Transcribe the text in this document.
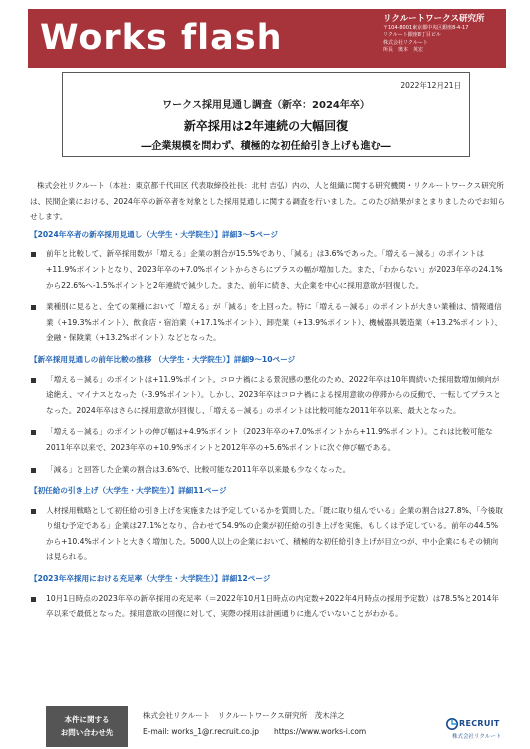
Works flash	リクルートワークス研究所
〒104-8001東京都中央区銀座8-4-17
リクルート銀座8丁目ビル
株式会社リクルート
所長　奥本　英宏
2022年12月21日
ワークス採用見通し調査（新卒：2024年卒）
新卒採用は2年連続の大幅回復
―企業規模を問わず、積極的な初任給引き上げも進む―

株式会社リクルート（本社：東京都千代田区 代表取締役社長：北村 吉弘）内の、人と組織に関する研究機関・リクルートワークス研究所は、民間企業における、2024年卒の新卒者を対象とした採用見通しに関する調査を行いました。このたび結果がまとまりましたのでお知らせします。

【2024年卒者の新卒採用見通し（大学生・大学院生）】詳細3～5ページ
前年と比較して、新卒採用数が「増える」企業の割合が15.5%であり、「減る」は3.6%であった。「増える－減る」のポイントは+11.9%ポイントとなり、2023年卒の+7.0%ポイントからさらにプラスの幅が増加した。また、「わからない」が2023年卒の24.1%から22.6%へ-1.5%ポイントと2年連続で減少した。また、前年に続き、大企業を中心に採用意欲が回復した。
業種別に見ると、全ての業種において「増える」が「減る」を上回った。特に「増える－減る」のポイントが大きい業種は、情報通信業（+19.3%ポイント）、飲食店・宿泊業（+17.1%ポイント）、卸売業（+13.9%ポイント）、機械器具製造業（+13.2%ポイント）、金融・保険業（+13.2%ポイント）などとなった。
【新卒採用見通しの前年比較の推移 （大学生・大学院生）】詳細9～10ページ
「増える－減る」のポイントは+11.9%ポイント。コロナ禍による景況感の悪化のため、2022年卒は10年間続いた採用数増加傾向が途絶え、マイナスとなった（-3.9%ポイント）。しかし、2023年卒はコロナ禍による採用意欲の停滞からの反動で、一転してプラスとなった。2024年卒はさらに採用意欲が回復し、「増える－減る」のポイントは比較可能な2011年卒以来、最大となった。
「増える－減る」のポイントの伸び幅は+4.9%ポイント（2023年卒の+7.0%ポイントから+11.9%ポイント）。これは比較可能な2011年卒以来で、2023年卒の+10.9%ポイントと2012年卒の+5.6%ポイントに次ぐ伸び幅である。
「減る」と回答した企業の割合は3.6%で、比較可能な2011年卒以来最も少なくなった。
【初任給の引き上げ（大学生・大学院生）】詳細11ページ
人材採用戦略として初任給の引き上げを実施または予定しているかを質問した。「既に取り組んでいる」企業の割合は27.8%、「今後取り組む予定である」企業は27.1%となり、合わせて54.9%の企業が初任給の引き上げを実施、もしくは予定している。前年の44.5%から+10.4%ポイントと大きく増加した。5000人以上の企業において、積極的な初任給引き上げが目立つが、中小企業にもその傾向は見られる。
【2023年卒採用における充足率（大学生・大学院生）】詳細12ページ
10月1日時点の2023年卒の新卒採用の充足率（＝2022年10月1日時点の内定数÷2022年4月時点の採用予定数）は78.5%と2014年卒以来で最低となった。採用意欲の回復に対して、実際の採用は計画通りに進んでいないことがわかる。
本件に関する
お問い合わせ先
株式会社リクルート　リクルートワークス研究所　茂木洋之
E-mail: works_1@r.recruit.co.jp　　https://www.works-i.com
RECRUIT
株式会社リクルート
